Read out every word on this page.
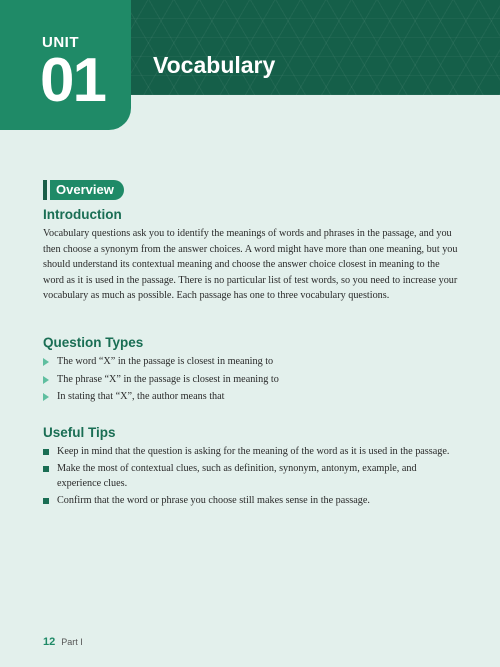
UNIT
01 Vocabulary
Overview
Introduction

Vocabulary questions ask you to identify the meanings of words and phrases in the passage, and you then choose a synonym from the answer choices. A word might have more than one meaning, but you should understand its contextual meaning and choose the answer choice closest in meaning to the word as it is used in the passage. There is no particular list of test words, so you need to increase your vocabulary as much as possible. Each passage has one to three vocabulary questions.

Question Types
The word “X” in the passage is closest in meaning to
The phrase “X” in the passage is closest in meaning to
In stating that “X”, the author means that
Useful Tips
Keep in mind that the question is asking for the meaning of the word as it is used in the passage.
Make the most of contextual clues, such as definition, synonym, antonym, example, and experience clues.
Confirm that the word or phrase you choose still makes sense in the passage.
12 Part I
